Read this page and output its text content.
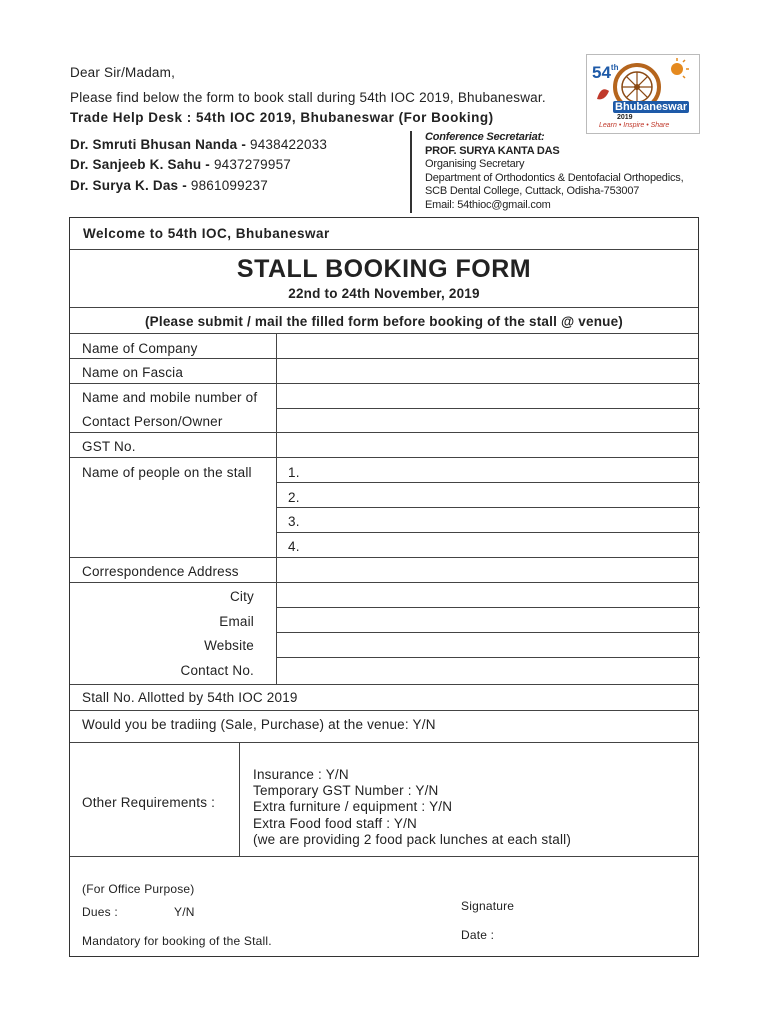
Dear Sir/Madam,
Please find below the form to book stall during 54th IOC 2019, Bhubaneswar.
Trade Help Desk : 54th IOC 2019, Bhubaneswar (For Booking)
Dr. Smruti Bhusan Nanda - 9438422033
Dr. Sanjeeb K. Sahu - 9437279957
Dr. Surya K. Das - 9861099237
Conference Secretariat:
PROF. SURYA KANTA DAS
Organising Secretary
Department of Orthodontics & Dentofacial Orthopedics,
SCB Dental College, Cuttack, Odisha-753007
Email: 54thioc@gmail.com
54th
Bhubaneswar
2019
Learn • Inspire • Share
Welcome to 54th IOC, Bhubaneswar
STALL BOOKING FORM
22nd to 24th November, 2019
(Please submit / mail the filled form before booking of the stall @ venue)
Name of Company
Name on Fascia
Name and mobile number of
Contact Person/Owner
GST No.
Name of people on the stall	1.
2.
3.
4.
Correspondence Address
City
Email
Website
Contact No.
Stall No. Allotted by 54th IOC 2019
Would you be tradiing (Sale, Purchase) at the venue: Y/N
Other Requirements :
Insurance : Y/N
Temporary GST Number : Y/N
Extra furniture / equipment : Y/N
Extra Food food staff : Y/N
(we are providing 2 food pack lunches at each stall)
(For Office Purpose)
Dues :	Y/N
Mandatory for booking of the Stall.
Signature
Date :
